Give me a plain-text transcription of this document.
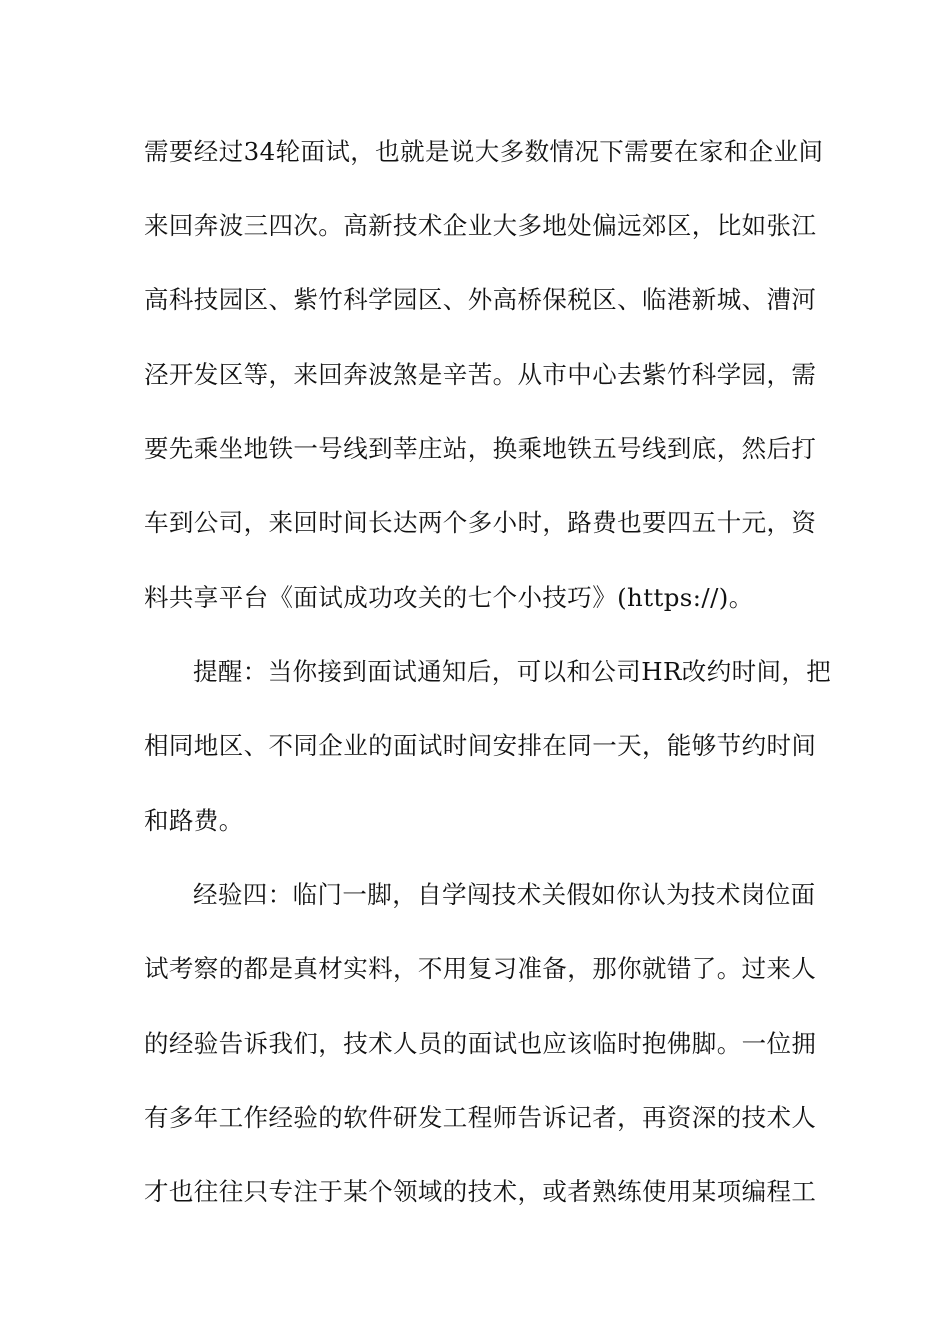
需要经过34轮面试，也就是说大多数情况下需要在家和企业间
来回奔波三四次。高新技术企业大多地处偏远郊区，比如张江
高科技园区、紫竹科学园区、外高桥保税区、临港新城、漕河
泾开发区等，来回奔波煞是辛苦。从市中心去紫竹科学园，需
要先乘坐地铁一号线到莘庄站，换乘地铁五号线到底，然后打
车到公司，来回时间长达两个多小时，路费也要四五十元，资
料共享平台《面试成功攻关的七个小技巧》(https://)。
提醒：当你接到面试通知后，可以和公司HR改约时间，把
相同地区、不同企业的面试时间安排在同一天，能够节约时间
和路费。
经验四：临门一脚，自学闯技术关假如你认为技术岗位面
试考察的都是真材实料，不用复习准备，那你就错了。过来人
的经验告诉我们，技术人员的面试也应该临时抱佛脚。一位拥
有多年工作经验的软件研发工程师告诉记者，再资深的技术人
才也往往只专注于某个领域的技术，或者熟练使用某项编程工
